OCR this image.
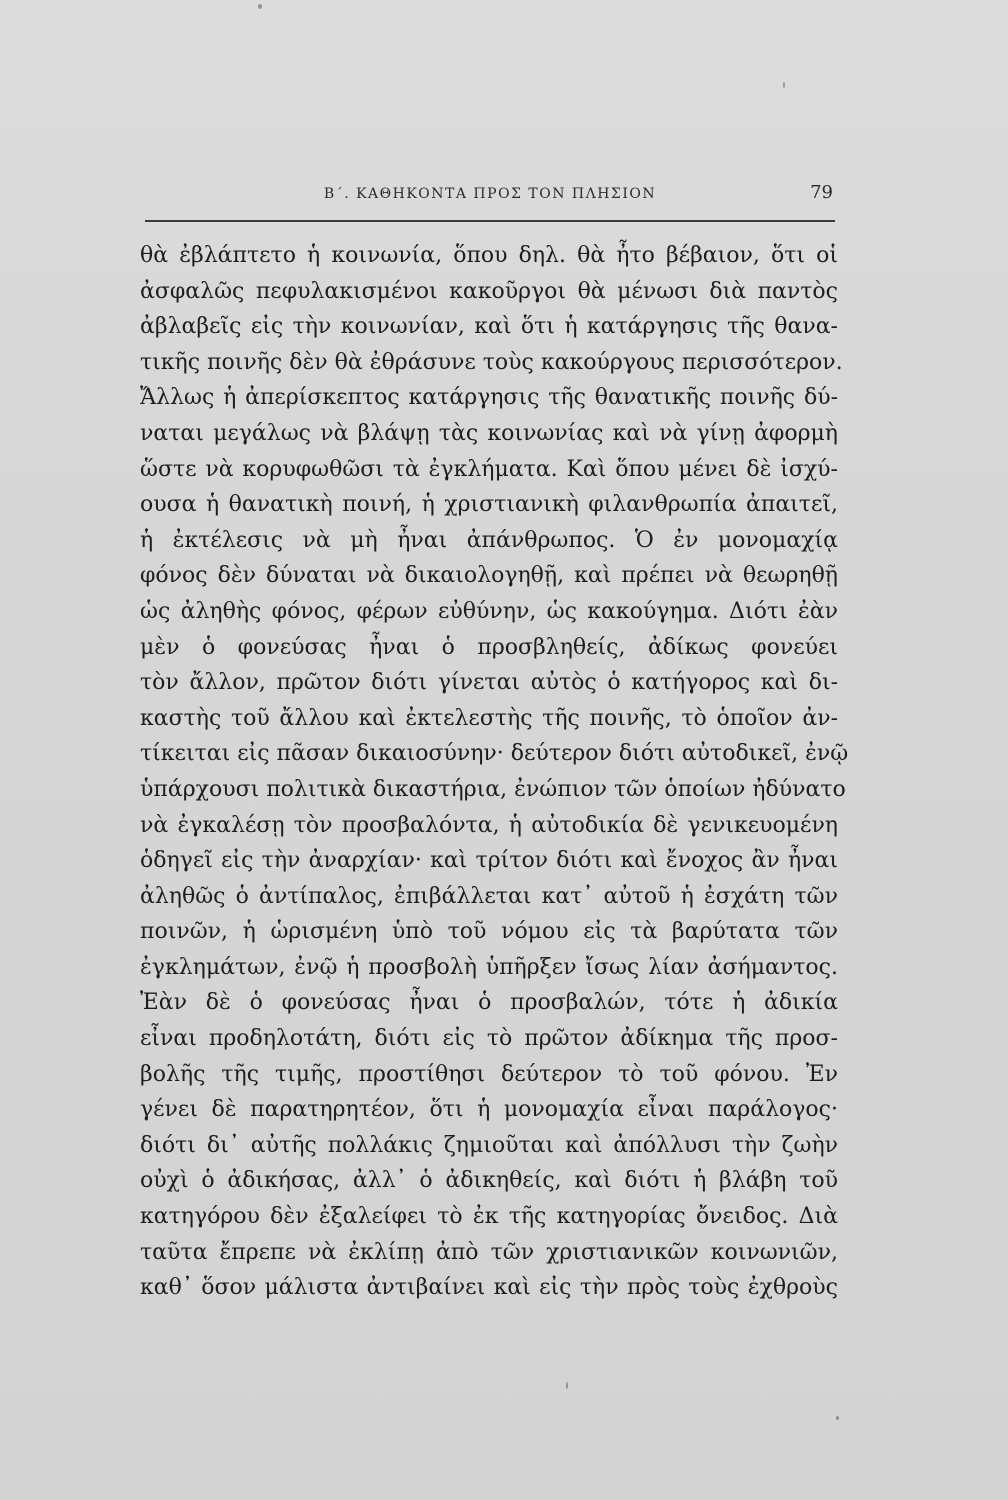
Β΄. ΚΑΘΗΚΟΝΤΑ ΠΡΟΣ ΤΟΝ ΠΛΗΣΙΟΝ	79
θὰ ἐβλάπτετο ἡ κοινωνία, ὅπου δηλ. θὰ ἦτο βέβαιον, ὅτι οἱ
ἀσφαλῶς πεφυλακισμένοι κακοῦργοι θὰ μένωσι διὰ παντὸς
ἀβλαβεῖς εἰς τὴν κοινωνίαν, καὶ ὅτι ἡ κατάργησις τῆς θανα-
τικῆς ποινῆς δὲν θὰ ἐθράσυνε τοὺς κακούργους περισσότερον.
Ἄλλως ἡ ἀπερίσκεπτος κατάργησις τῆς θανατικῆς ποινῆς δύ-
ναται μεγάλως νὰ βλάψῃ τὰς κοινωνίας καὶ νὰ γίνῃ ἀφορμὴ
ὥστε νὰ κορυφωθῶσι τὰ ἐγκλήματα. Καὶ ὅπου μένει δὲ ἰσχύ-
ουσα ἡ θανατικὴ ποινή, ἡ χριστιανικὴ φιλανθρωπία ἀπαιτεῖ,
ἡ ἐκτέλεσις νὰ μὴ ἦναι ἀπάνθρωπος. Ὁ ἐν μονομαχίᾳ
φόνος δὲν δύναται νὰ δικαιολογηθῇ, καὶ πρέπει νὰ θεωρηθῇ
ὡς ἀληθὴς φόνος, φέρων εὐθύνην, ὡς κακούγημα. Διότι ἐὰν
μὲν ὁ φονεύσας ἦναι ὁ προσβληθείς, ἀδίκως φονεύει
τὸν ἄλλον, πρῶτον διότι γίνεται αὐτὸς ὁ κατήγορος καὶ δι-
καστὴς τοῦ ἄλλου καὶ ἐκτελεστὴς τῆς ποινῆς, τὸ ὁποῖον ἀν-
τίκειται εἰς πᾶσαν δικαιοσύνην· δεύτερον διότι αὐτοδικεῖ, ἐνῷ
ὑπάρχουσι πολιτικὰ δικαστήρια, ἐνώπιον τῶν ὁποίων ἠδύνατο
νὰ ἐγκαλέσῃ τὸν προσβαλόντα, ἡ αὐτοδικία δὲ γενικευομένη
ὁδηγεῖ εἰς τὴν ἀναρχίαν· καὶ τρίτον διότι καὶ ἔνοχος ἂν ἦναι
ἀληθῶς ὁ ἀντίπαλος, ἐπιβάλλεται κατ᾿ αὐτοῦ ἡ ἐσχάτη τῶν
ποινῶν, ἡ ὡρισμένη ὑπὸ τοῦ νόμου εἰς τὰ βαρύτατα τῶν
ἐγκλημάτων, ἐνῷ ἡ προσβολὴ ὑπῆρξεν ἴσως λίαν ἀσήμαντος.
Ἐὰν δὲ ὁ φονεύσας ἦναι ὁ προσβαλών, τότε ἡ ἀδικία
εἶναι προδηλοτάτη, διότι εἰς τὸ πρῶτον ἀδίκημα τῆς προσ-
βολῆς τῆς τιμῆς, προστίθησι δεύτερον τὸ τοῦ φόνου. Ἐν
γένει δὲ παρατηρητέον, ὅτι ἡ μονομαχία εἶναι παράλογος·
διότι δι᾿ αὐτῆς πολλάκις ζημιοῦται καὶ ἀπόλλυσι τὴν ζωὴν
οὐχὶ ὁ ἀδικήσας, ἀλλ᾿ ὁ ἀδικηθείς, καὶ διότι ἡ βλάβη τοῦ
κατηγόρου δὲν ἐξαλείφει τὸ ἐκ τῆς κατηγορίας ὄνειδος. Διὰ
ταῦτα ἔπρεπε νὰ ἐκλίπῃ ἀπὸ τῶν χριστιανικῶν κοινωνιῶν,
καθ᾿ ὅσον μάλιστα ἀντιβαίνει καὶ εἰς τὴν πρὸς τοὺς ἐχθροὺς
